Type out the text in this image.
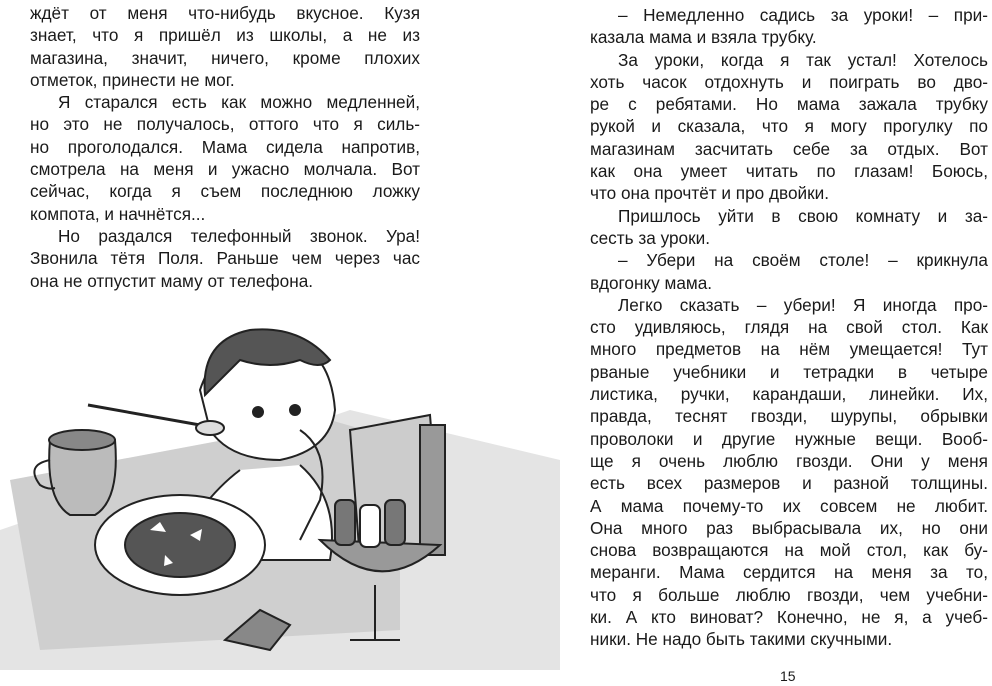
ждёт от меня что-нибудь вкусное. Кузя
знает, что я пришёл из школы, а не из
магазина, значит, ничего, кроме плохих
отметок, принести не мог.
Я старался есть как можно медленней,
но это не получалось, оттого что я силь-
но проголодался. Мама сидела напротив,
смотрела на меня и ужасно молчала. Вот
сейчас, когда я съем последнюю ложку
компота, и начнётся...
Но раздался телефонный звонок. Ура!
Звонила тётя Поля. Раньше чем через час
она не отпустит маму от телефона.
– Немедленно садись за уроки! – при-
казала мама и взяла трубку.
За уроки, когда я так устал! Хотелось
хоть часок отдохнуть и поиграть во дво-
ре с ребятами. Но мама зажала трубку
рукой и сказала, что я могу прогулку по
магазинам засчитать себе за отдых. Вот
как она умеет читать по глазам! Боюсь,
что она прочтёт и про двойки.
Пришлось уйти в свою комнату и за-
сесть за уроки.
– Убери на своём столе! – крикнула
вдогонку мама.
Легко сказать – убери! Я иногда про-
сто удивляюсь, глядя на свой стол. Как
много предметов на нём умещается! Тут
рваные учебники и тетрадки в четыре
листика, ручки, карандаши, линейки. Их,
правда, теснят гвозди, шурупы, обрывки
проволоки и другие нужные вещи. Вооб-
ще я очень люблю гвозди. Они у меня
есть всех размеров и разной толщины.
А мама почему-то их совсем не любит.
Она много раз выбрасывала их, но они
снова возвращаются на мой стол, как бу-
меранги. Мама сердится на меня за то,
что я больше люблю гвозди, чем учебни-
ки. А кто виноват? Конечно, не я, а учеб-
ники. Не надо быть такими скучными.
15
